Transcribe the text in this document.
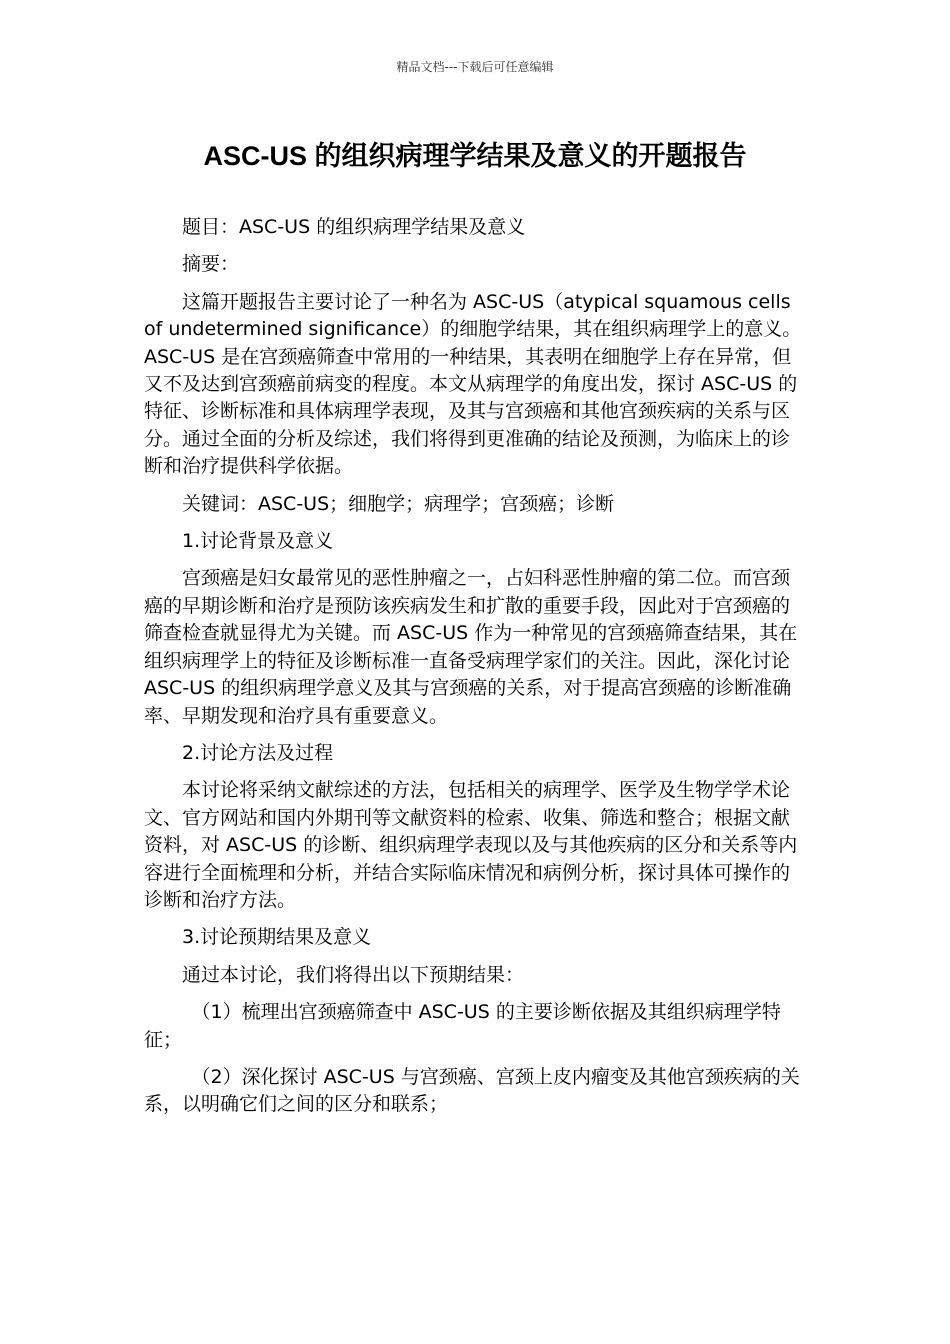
精品文档---下载后可任意编辑
ASC-US 的组织病理学结果及意义的开题报告

题目：ASC-US 的组织病理学结果及意义

摘要：

这篇开题报告主要讨论了一种名为 ASC-US（atypical squamous cells of undetermined significance）的细胞学结果，其在组织病理学上的意义。ASC-US 是在宫颈癌筛查中常用的一种结果，其表明在细胞学上存在异常，但又不及达到宫颈癌前病变的程度。本文从病理学的角度出发，探讨 ASC-US 的特征、诊断标准和具体病理学表现，及其与宫颈癌和其他宫颈疾病的关系与区分。通过全面的分析及综述，我们将得到更准确的结论及预测，为临床上的诊断和治疗提供科学依据。

关键词：ASC-US；细胞学；病理学；宫颈癌；诊断

1.讨论背景及意义

宫颈癌是妇女最常见的恶性肿瘤之一，占妇科恶性肿瘤的第二位。而宫颈癌的早期诊断和治疗是预防该疾病发生和扩散的重要手段，因此对于宫颈癌的筛查检查就显得尤为关键。而 ASC-US 作为一种常见的宫颈癌筛查结果，其在组织病理学上的特征及诊断标准一直备受病理学家们的关注。因此，深化讨论 ASC-US 的组织病理学意义及其与宫颈癌的关系，对于提高宫颈癌的诊断准确率、早期发现和治疗具有重要意义。

2.讨论方法及过程

本讨论将采纳文献综述的方法，包括相关的病理学、医学及生物学学术论文、官方网站和国内外期刊等文献资料的检索、收集、筛选和整合；根据文献资料，对 ASC-US 的诊断、组织病理学表现以及与其他疾病的区分和关系等内容进行全面梳理和分析，并结合实际临床情况和病例分析，探讨具体可操作的诊断和治疗方法。

3.讨论预期结果及意义

通过本讨论，我们将得出以下预期结果：

（1）梳理出宫颈癌筛查中 ASC-US 的主要诊断依据及其组织病理学特征；

（2）深化探讨 ASC-US 与宫颈癌、宫颈上皮内瘤变及其他宫颈疾病的关系，以明确它们之间的区分和联系；
